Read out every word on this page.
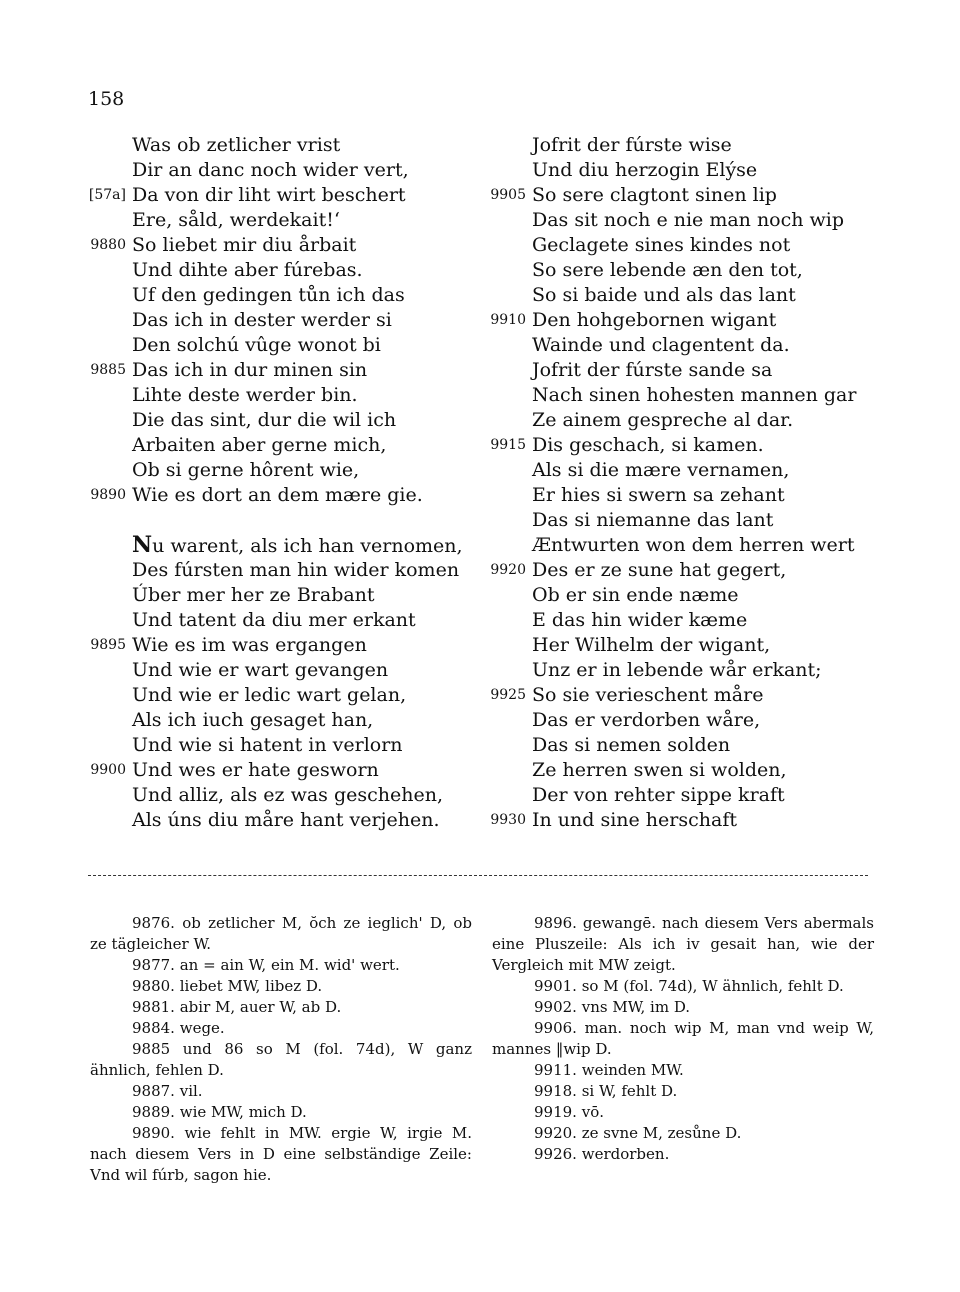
158
Was ob zetlicher vrist
Dir an danc noch wider vert,
[57a] Da von dir liht wirt beschert
Ere, såld, werdekait!‘
9880 So liebet mir diu årbait
Und dihte aber fúrebas.
Uf den gedingen tůn ich das
Das ich in dester werder si
Den solchú vûge wonot bi
9885 Das ich in dur minen sin
Lihte deste werder bin.
Die das sint, dur die wil ich
Arbaiten aber gerne mich,
Ob si gerne hôrent wie,
9890 Wie es dort an dem mære gie.
Nu warent, als ich han vernomen,
Des fúrsten man hin wider komen
Úber mer her ze Brabant
Und tatent da diu mer erkant
9895 Wie es im was ergangen
Und wie er wart gevangen
Und wie er ledic wart gelan,
Als ich iuch gesaget han,
Und wie si hatent in verlorn
9900 Und wes er hate gesworn
Und alliz, als ez was geschehen,
Als úns diu måre hant verjehen.
Jofrit der fúrste wise
Und diu herzogin Elýse
9905 So sere clagtont sinen lip
Das sit noch e nie man noch wip
Geclagete sines kindes not
So sere lebende æn den tot,
So si baide und als das lant
9910 Den hohgebornen wigant
Wainde und clagentent da.
Jofrit der fúrste sande sa
Nach sinen hohesten mannen gar
Ze ainem gespreche al dar.
9915 Dis geschach, si kamen.
Als si die mære vernamen,
Er hies si swern sa zehant
Das si niemanne das lant
Æntwurten won dem herren wert
9920 Des er ze sune hat gegert,
Ob er sin ende næme
E das hin wider kæme
Her Wilhelm der wigant,
Unz er in lebende wår erkant;
9925 So sie verieschent måre
Das er verdorben wåre,
Das si nemen solden
Ze herren swen si wolden,
Der von rehter sippe kraft
9930 In und sine herschaft

9876. ob zetlicher M, ŏch ze ieglich' D, ob ze tägleicher W.

9877. an = ain W, ein M. wid' wert.

9880. liebet MW, libez D.

9881. abir M, auer W, ab D.

9884. wege.

9885 und 86 so M (fol. 74d), W ganz ähnlich, fehlen D.

9887. vil.

9889. wie MW, mich D.

9890. wie fehlt in MW. ergie W, irgie M. nach diesem Vers in D eine selbständige Zeile: Vnd wil fúrb, sagon hie.

9896. gewangē. nach diesem Vers abermals eine Pluszeile: Als ich iv gesait han, wie der Vergleich mit MW zeigt.

9901. so M (fol. 74d), W ähnlich, fehlt D.

9902. vns MW, im D.

9906. man. noch wip M, man vnd weip W, mannes ‖wip D.

9911. weinden MW.

9918. si W, fehlt D.

9919. vō.

9920. ze svne M, zesůne D.

9926. werdorben.
